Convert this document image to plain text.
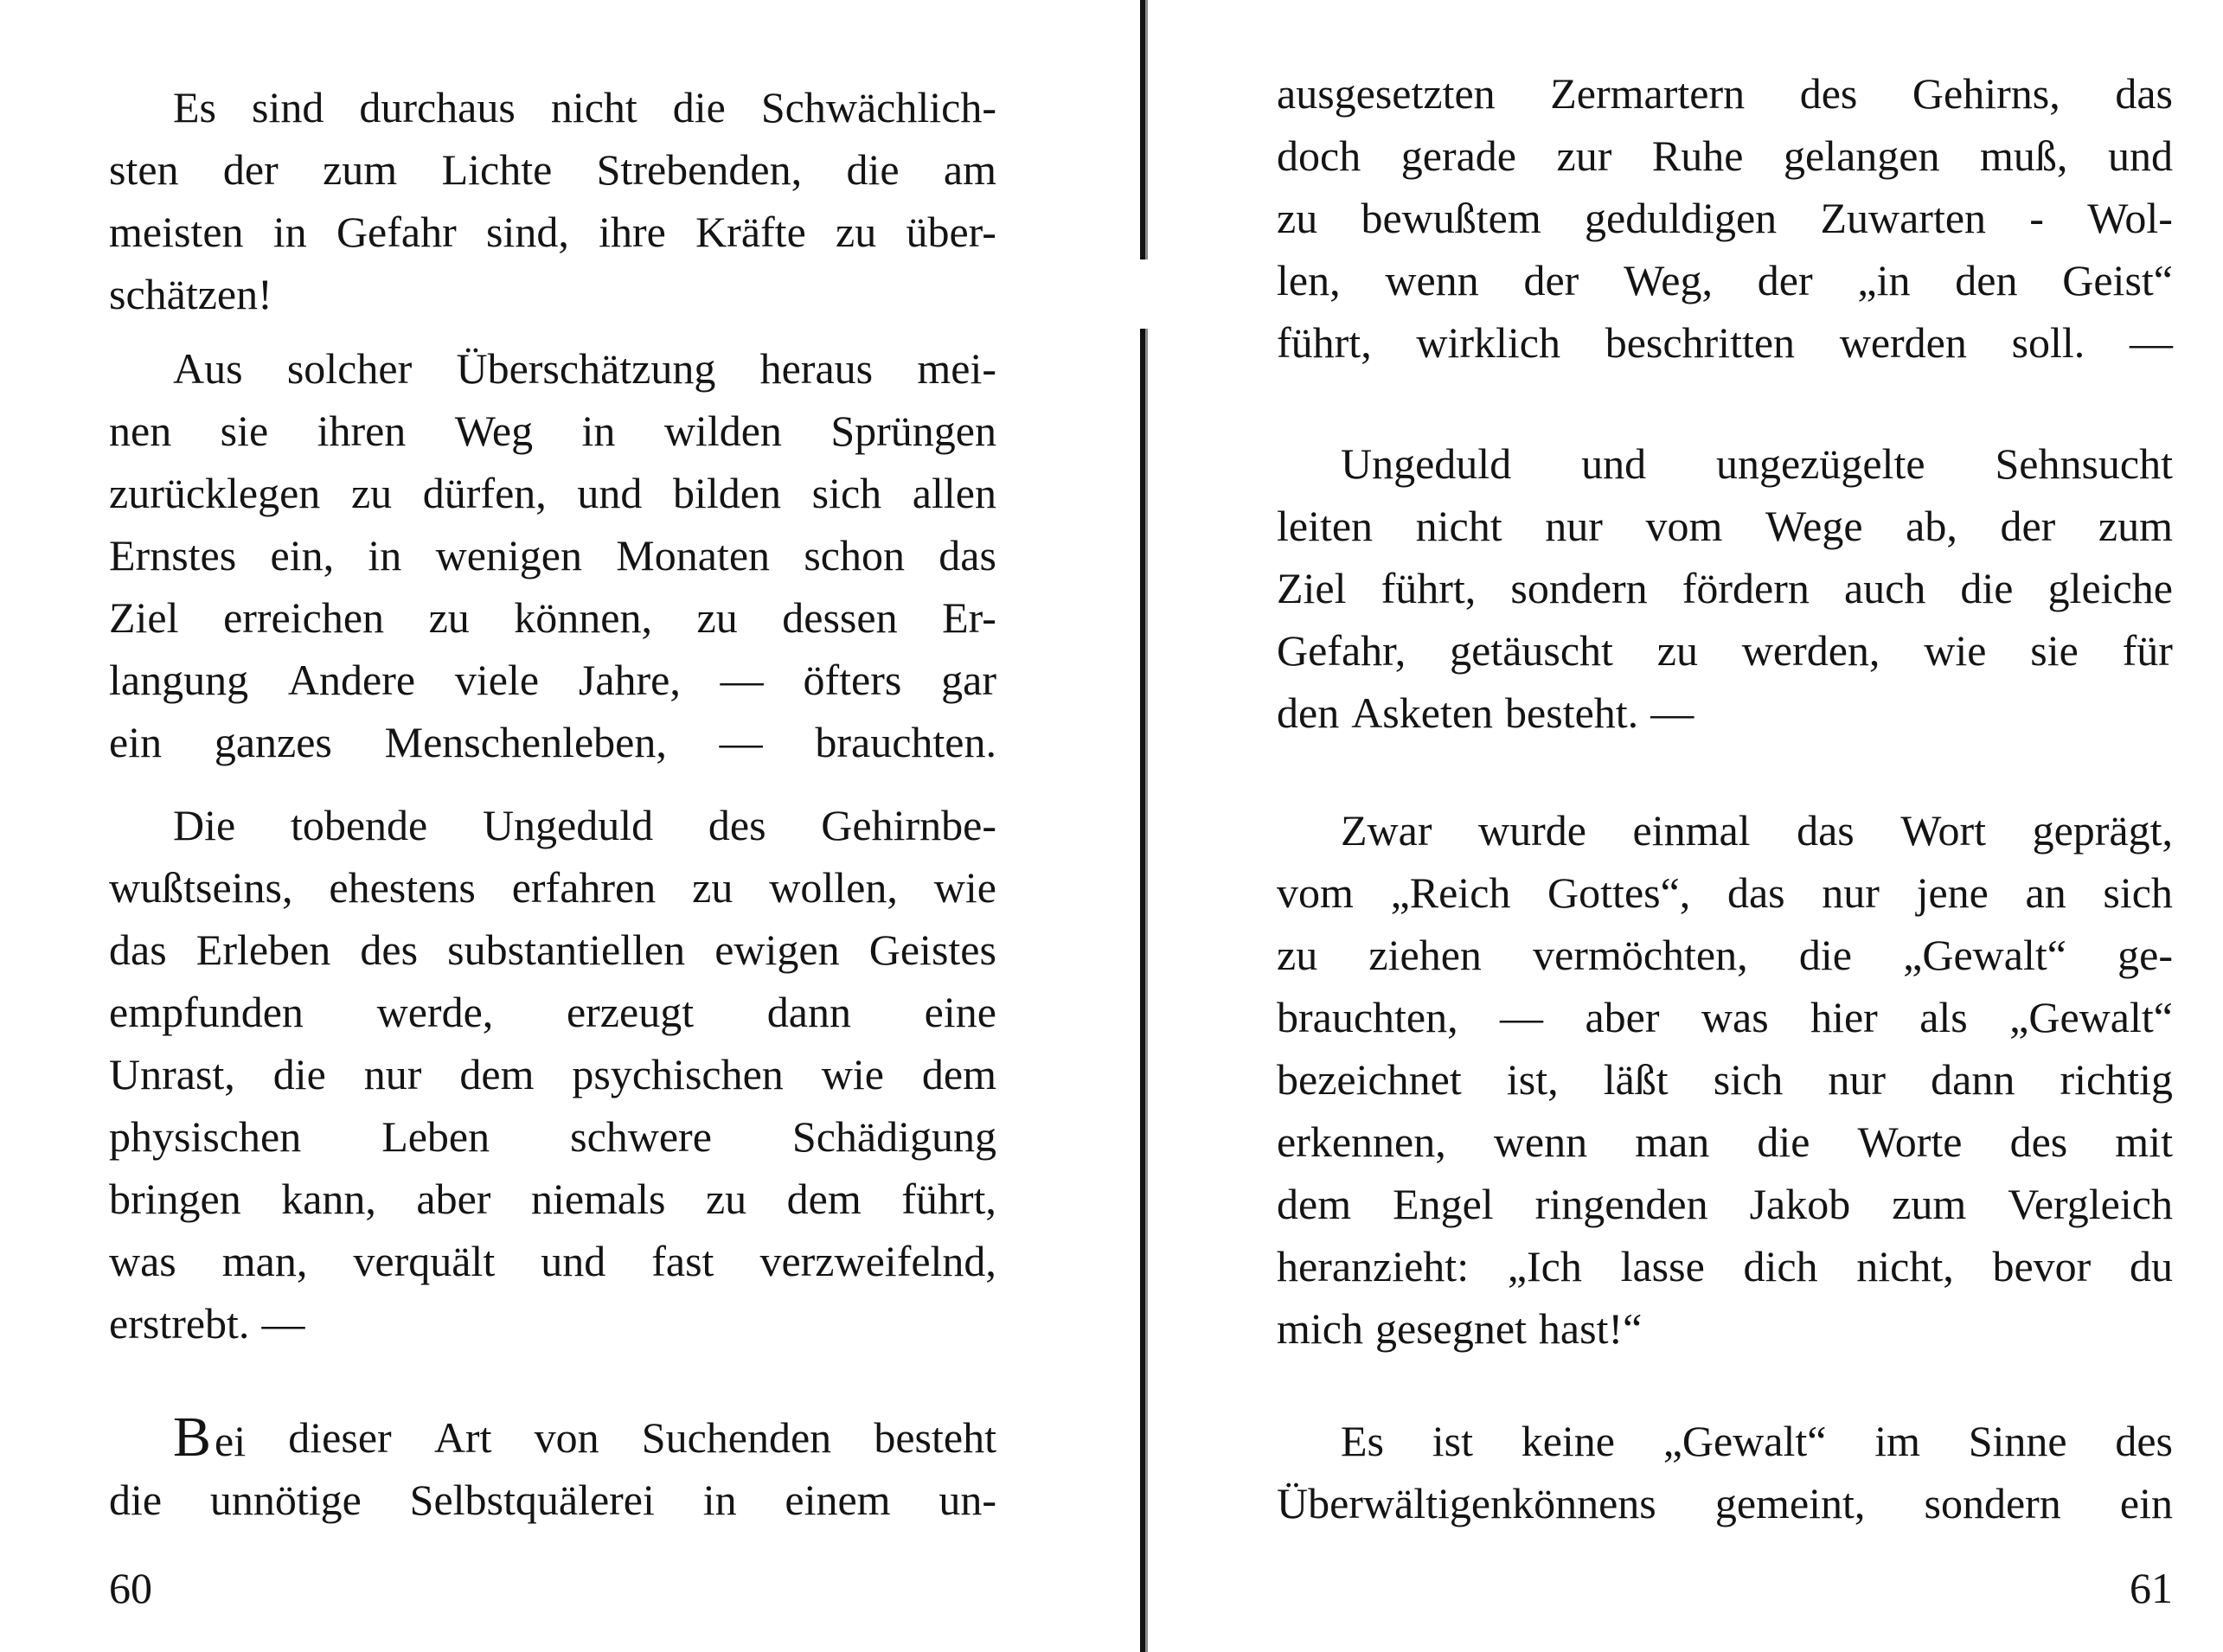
Es sind durchaus nicht die Schwächlich-
sten der zum Lichte Strebenden, die am
meisten in Gefahr sind, ihre Kräfte zu über-
schätzen!
Aus solcher Überschätzung heraus mei-
nen sie ihren Weg in wilden Sprüngen
zurücklegen zu dürfen, und bilden sich allen
Ernstes ein, in wenigen Monaten schon das
Ziel erreichen zu können, zu dessen Er-
langung Andere viele Jahre, — öfters gar
ein ganzes Menschenleben, — brauchten.
Die tobende Ungeduld des Gehirnbe-
wußtseins, ehestens erfahren zu wollen, wie
das Erleben des substantiellen ewigen Geistes
empfunden werde, erzeugt dann eine
Unrast, die nur dem psychischen wie dem
physischen Leben schwere Schädigung
bringen kann, aber niemals zu dem führt,
was man, verquält und fast verzweifelnd,
erstrebt. —
B ei dieser Art von Suchenden besteht
die unnötige Selbstquälerei in einem un-
60
ausgesetzten Zermartern des Gehirns, das
doch gerade zur Ruhe gelangen muß, und
zu bewußtem geduldigen Zuwarten - Wol-
len, wenn der Weg, der „in den Geist“
führt, wirklich beschritten werden soll. —
Ungeduld und ungezügelte Sehnsucht
leiten nicht nur vom Wege ab, der zum
Ziel führt, sondern fördern auch die gleiche
Gefahr, getäuscht zu werden, wie sie für
den Asketen besteht. —
Zwar wurde einmal das Wort geprägt,
vom „Reich Gottes“, das nur jene an sich
zu ziehen vermöchten, die „Gewalt“ ge-
brauchten, — aber was hier als „Gewalt“
bezeichnet ist, läßt sich nur dann richtig
erkennen, wenn man die Worte des mit
dem Engel ringenden Jakob zum Vergleich
heranzieht: „Ich lasse dich nicht, bevor du
mich gesegnet hast!“
Es ist keine „Gewalt“ im Sinne des
Überwältigenkönnens gemeint, sondern ein
61
